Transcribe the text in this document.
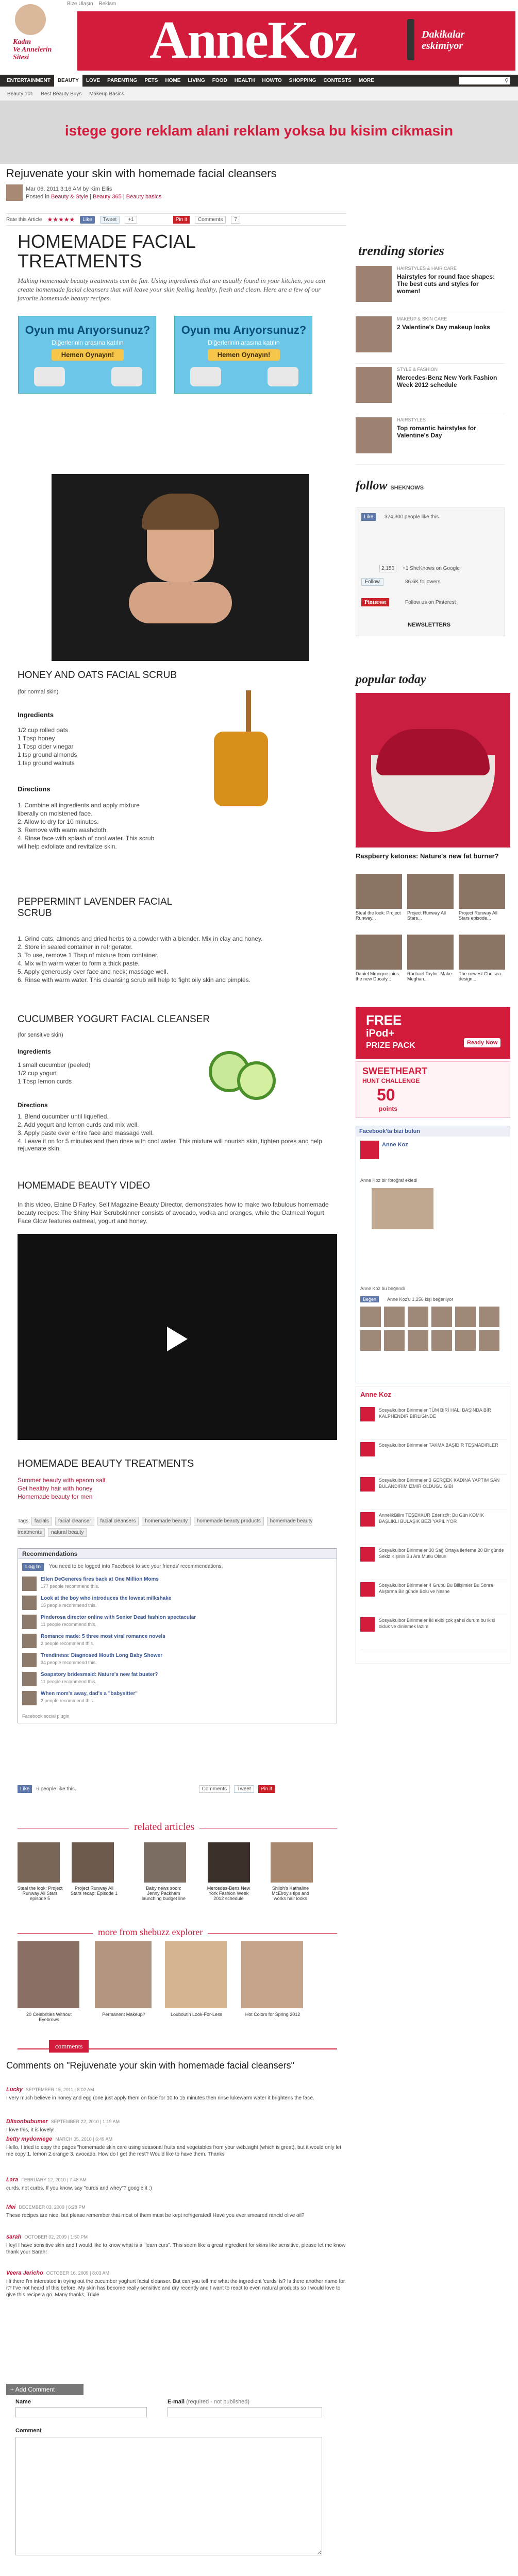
Kadın
Ve Annelerin
Sitesi
Bize Ulaşın Reklam
AnneKoz	Dakikalar
eskimiyor
ENTERTAINMENT	BEAUTY	LOVE	PARENTING	PETS	HOME	LIVING	FOOD	HEALTH	HOWTO	SHOPPING	CONTESTS	MORE	⚲
Beauty 101 Best Beauty Buys Makeup Basics
istege gore reklam alani reklam yoksa bu kisim cikmasin
Rejuvenate your skin with homemade facial cleansers
Mar 06, 2011 3:16 AM by Kim Ellis
Posted in Beauty & Style | Beauty 365 | Beauty basics
Rate this Article ★★★★★	Like	Tweet	+1	Pin it	Comments	7
HOMEMADE FACIAL TREATMENTS
Making homemade beauty treatments can be fun. Using ingredients that are usually found in your kitchen, you can create homemade facial cleansers that will leave your skin feeling healthy, fresh and clean. Here are a few of our favorite homemade beauty recipes.
Oyun mu Arıyorsunuz?
Diğerlerinin arasına katılın
Hemen Oynayın!
Oyun mu Arıyorsunuz?
Diğerlerinin arasına katılın
Hemen Oynayın!
HONEY AND OATS FACIAL SCRUB
(for normal skin)
Ingredients
1/2 cup rolled oats
1 Tbsp honey
1 Tbsp cider vinegar
1 tsp ground almonds
1 tsp ground walnuts
Directions
1. Combine all ingredients and apply mixture
liberally on moistened face.
2. Allow to dry for 10 minutes.
3. Remove with warm washcloth.
4. Rinse face with splash of cool water. This scrub
will help exfoliate and revitalize skin.
PEPPERMINT LAVENDER FACIAL SCRUB
1. Grind oats, almonds and dried herbs to a powder with a blender. Mix in clay and honey.
2. Store in sealed container in refrigerator.
3. To use, remove 1 Tbsp of mixture from container.
4. Mix with warm water to form a thick paste.
5. Apply generously over face and neck; massage well.
6. Rinse with warm water. This cleansing scrub will help to fight oily skin and pimples.
CUCUMBER YOGURT FACIAL CLEANSER
(for sensitive skin)
Ingredients
1 small cucumber (peeled)
1/2 cup yogurt
1 Tbsp lemon curds
Directions
1. Blend cucumber until liquefied.
2. Add yogurt and lemon curds and mix well.
3. Apply paste over entire face and massage well.
4. Leave it on for 5 minutes and then rinse with cool water. This mixture will nourish skin, tighten pores and help rejuvenate skin.
HOMEMADE BEAUTY VIDEO
In this video, Elaine D'Farley, Self Magazine Beauty Director, demonstrates how to make two fabulous homemade beauty recipes: The Shiny Hair Scrubskinner consists of avocado, vodka and oranges, while the Oatmeal Yogurt Face Glow features oatmeal, yogurt and honey.
HOMEMADE BEAUTY TREATMENTS
Summer beauty with epsom salt
Get healthy hair with honey
Homemade beauty for men
Tags: facials facial cleanser facial cleansers homemade beauty homemade beauty products homemade beauty treatments natural beauty
Recommendations
Log In	You need to be logged into Facebook to see your friends' recommendations.
Ellen DeGeneres fires back at One Million Moms
177 people recommend this.
Look at the boy who introduces the lowest milkshake
15 people recommend this.
Pinderosa director online with Senior Dead fashion spectacular
11 people recommend this.
Romance made: 5 three most viral romance novels
2 people recommend this.
Trendiness: Diagnosed Mouth Long Baby Shower
34 people recommend this.
Soapstory bridesmaid: Nature's new fat buster?
11 people recommend this.
When mom's away, dad's a "babysitter"
2 people recommend this.
Facebook social plugin
Like	6 people like this.	Comments	Tweet	Pin it
related articles
Steal the look: Project Runway All Stars episode 5
Project Runway All Stars recap: Episode 1
Baby news soon: Jenny Packham launching budget line
Mercedes-Benz New York Fashion Week 2012 schedule
Shiloh's Kathaline McElroy's tips and works hair looks
more from shebuzz explorer
20 Celebrities Without Eyebrows
Permanent Makeup?	Louboutin Look-For-Less	Hot Colors for Spring 2012
comments
Comments on "Rejuvenate your skin with homemade facial cleansers"
Lucky SEPTEMBER 15, 2011 | 8:02 AM
I very much believe in honey and egg (one just apply them on face for 10 to 15 minutes then rinse lukewarm water it brightens the face.
Dlixonbubumer SEPTEMBER 22, 2010 | 1:19 AM
I love this, it is lovely!
betty mydowiege MARCH 05, 2010 | 6:49 AM
Hello, I tried to copy the pages "homemade skin care using seasonal fruits and vegetables from your web.sight (which is great), but it would only let me copy 1. lemon 2.orange 3. avocado. How do I get the rest? Would like to have them. Thanks
Lara FEBRUARY 12, 2010 | 7:48 AM
curds, not curbs. If you know, say "curds and whey"? google it :)
Mei DECEMBER 03, 2009 | 6:28 PM
These recipes are nice, but please remember that most of them must be kept refrigerated! Have you ever smeared rancid olive oil?
sarah OCTOBER 02, 2009 | 1:50 PM
Hey! I have sensitive skin and I would like to know what is a "learn curs". This seem like a great ingredient for skins like sensitive, please let me know thank your Sarah!
Veera Jericho OCTOBER 16, 2009 | 8:03 AM
Hi there I'm interested in trying out the cucumber yoghurt facial cleanser. But can you tell me what the ingredient 'curds' is? Is there another name for it? I've not heard of this before. My skin has become really sensitive and dry recently and I want to react to even natural products so I would love to give this recipe a go. Many thanks, Trixie
+ Add Comment
Name	E-mail (required - not published)
Comment
trending stories
HAIRSTYLES & HAIR CARE
Hairstyles for round face shapes: The best cuts and styles for women!
MAKEUP & SKIN CARE
2 Valentine's Day makeup looks
STYLE & FASHION
Mercedes-Benz New York Fashion Week 2012 schedule
HAIRSTYLES
Top romantic hairstyles for Valentine's Day
follow SHEKNOWS
Like	324,300 people like this.
2,150	+1 SheKnows on Google
Follow	86.6K followers
Pinterest	Follow us on Pinterest
NEWSLETTERS
popular today
Raspberry ketones: Nature's new fat burner?
Steal the look: Project Runway...
Project Runway All Stars...
Project Runway All Stars episode...
Daniel Mmogue joins the new Ducaty...
Rachael Taylor: Make Meghan...
The newest Chelsea design...
FREE
iPod+
PRIZE PACK	Ready Now
SWEETHEART
HUNT CHALLENGE
50
points
Facebook'ta bizi bulun
Anne Koz
Anne Koz bir fotoğraf ekledi
Anne Koz bu beğendi
Beğen	Anne Koz'u 1,256 kişi beğeniyor
Anne Koz
Sosyalkulbor Birinmeler TÜM BİRİ HALİ BAŞINDA BİR KALPHENDİR BİRLİĞİNDE
Sosyalkulbor Birinmeler TAKMA BAŞIDIR TEŞMADIRLER
Sosyalkulbor Birinmeler 3 GERÇEK KADINA YAPTIM SAN BULANDIRIM İZMİR OLDUĞU GİBİ
AnnelikBilim TEŞEKKÜR Ederiz@: Bu Gün KOMİK BAŞLIKLI BULAŞIK BEZİ YAPILIYOR
Sosyalkulbor Birinmeler 30 Sağ Ortaya ilerleme 20 Bir günde Sekiz Kişinin Bu Ara Mutlu Olsun
Sosyalkulbor Birinmeler 4 Grubu Bu Bilişimler Bu Sonra Alıştırma Bir günde Bolu ve Nesne
Sosyalkulbor Birinmeler İki ekibi çok şahsi durum bu ikisi olduk ve dinlemek lazım
